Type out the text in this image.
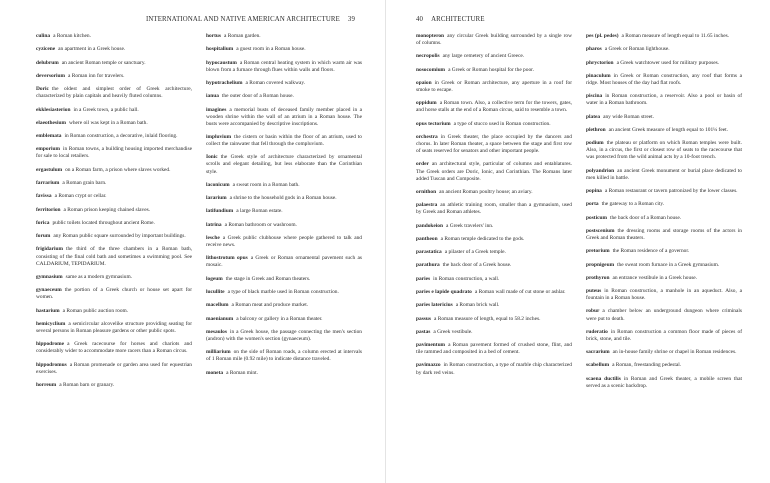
INTERNATIONAL AND NATIVE AMERICAN ARCHITECTURE 39

culina a Roman kitchen.

cyzicene an apartment in a Greek house.

delubrum an ancient Roman temple or sanctuary.

deversorium a Roman inn for travelers.

Doric the oldest and simplest order of Greek architecture, characterized by plain capitals and heavily fluted columns.

ekklesiasterion in a Greek town, a public hall.

elaeothesium where oil was kept in a Roman bath.

emblemata in Roman construction, a decorative, inlaid flooring.

emporium in Roman towns, a building housing imported merchandise for sale to local retailers.

ergastulum on a Roman farm, a prison where slaves worked.

farrarium a Roman grain barn.

favissa a Roman crypt or cellar.

ferritorion a Roman prison keeping chained slaves.

forica public toilets located throughout ancient Rome.

forum any Roman public square surrounded by important buildings.

frigidarium the third of the three chambers in a Roman bath, consisting of the final cold bath and sometimes a swimming pool. See CALDARIUM, TEPIDARIUM.

gymnasium same as a modern gymnasium.

gynaeceum the portion of a Greek church or house set apart for women.

hastarium a Roman public auction room.

hemicyclium a semicircular alcovelike structure providing seating for several persons in Roman pleasure gardens or other public spots.

hippodrome a Greek racecourse for horses and chariots and considerably wider to accommodate more racers than a Roman circus.

hippodromus a Roman promenade or garden area used for equestrian exercises.

horreum a Roman barn or granary.

hortus a Roman garden.

hospitalium a guest room in a Roman house.

hypocaustum a Roman central heating system in which warm air was blown from a furnace through flues within walls and floors.

hypotrachelium a Roman covered walkway.

ianua the outer door of a Roman house.

imagines a memorial busts of deceased family member placed in a wooden shrine within the wall of an atrium in a Roman house. The busts were accompanied by descriptive inscriptions.

impluvium the cistern or basin within the floor of an atrium, used to collect the rainwater that fell through the compluvium.

Ionic the Greek style of architecture characterized by ornamental scrolls and elegant detailing, but less elaborate than the Corinthian style.

laconicum a sweat room in a Roman bath.

lararium a shrine to the household gods in a Roman house.

latifundium a large Roman estate.

latrina a Roman bathroom or washroom.

lesche a Greek public clubhouse where people gathered to talk and receive news.

lithostrotum opus a Greek or Roman ornamental pavement such as mosaic.

logeum the stage in Greek and Roman theaters.

lucullite a type of black marble used in Roman construction.

macellum a Roman meat and produce market.

maenianum a balcony or gallery in a Roman theater.

mesaulos in a Greek house, the passage connecting the men's section (andron) with the women's section (gynaeceum).

milliarium on the side of Roman roads, a column erected at intervals of 1 Roman mile (0.92 mile) to indicate distance traveled.

moneta a Roman mint.

40 ARCHITECTURE

monopteron any circular Greek building surrounded by a single row of columns.

necropolis any large cemetery of ancient Greece.

nosocomium a Greek or Roman hospital for the poor.

opaion in Greek or Roman architecture, any aperture in a roof for smoke to escape.

oppidum a Roman town. Also, a collective term for the towers, gates, and horse stalls at the end of a Roman circus, said to resemble a town.

opus tectorium a type of stucco used in Roman construction.

orchestra in Greek theater, the place occupied by the dancers and chorus. In later Roman theater, a space between the stage and first row of seats reserved for senators and other important people.

order an architectural style, particular of columns and entablatures. The Greek orders are Doric, Ionic, and Corinthian. The Romans later added Tuscan and Composite.

ornithon an ancient Roman poultry house; an aviary.

palaestra an athletic training room, smaller than a gymnasium, used by Greek and Roman athletes.

pandokeion a Greek travelers' inn.

pantheon a Roman temple dedicated to the gods.

parastatica a pilaster of a Greek temple.

parathura the back door of a Greek house.

paries in Roman construction, a wall.

paries e lapide quadrato a Roman wall made of cut stone or ashlar.

paries latericius a Roman brick wall.

passus a Roman measure of length, equal to 58.2 inches.

pastas a Greek vestibule.

pavimentum a Roman pavement formed of crushed stone, flint, and tile rammed and composited in a bed of cement.

pavimazzo in Roman construction, a type of marble chip characterized by dark red veins.

pes (pl. pedes) a Roman measure of length equal to 11.65 inches.

pharos a Greek or Roman lighthouse.

phryctorion a Greek watchtower used for military purposes.

pinaculum in Greek or Roman construction, any roof that forms a ridge. Most houses of the day had flat roofs.

piscina in Roman construction, a reservoir. Also a pool or basin of water in a Roman bathroom.

platea any wide Roman street.

plethron an ancient Greek measure of length equal to 101¼ feet.

podium the plateau or platform on which Roman temples were built. Also, in a circus, the first or closest row of seats to the racecourse that was protected from the wild animal acts by a 10-foot trench.

polyandrion an ancient Greek monument or burial place dedicated to men killed in battle.

popina a Roman restaurant or tavern patronized by the lower classes.

porta the gateway to a Roman city.

posticum the back door of a Roman house.

postscenium the dressing rooms and storage rooms of the actors in Greek and Roman theaters.

pretorium the Roman residence of a governor.

propnigeum the sweat room furnace in a Greek gymnasium.

prothyron an entrance vestibule in a Greek house.

puteus in Roman construction, a manhole in an aqueduct. Also, a fountain in a Roman house.

robur a chamber below an underground dungeon where criminals were put to death.

ruderatio in Roman construction a common floor made of pieces of brick, stone, and tile.

sacrarium an in-house family shrine or chapel in Roman residences.

scabellum a Roman, freestanding pedestal.

scaena ductilis in Roman and Greek theater, a mobile screen that served as a scenic backdrop.
